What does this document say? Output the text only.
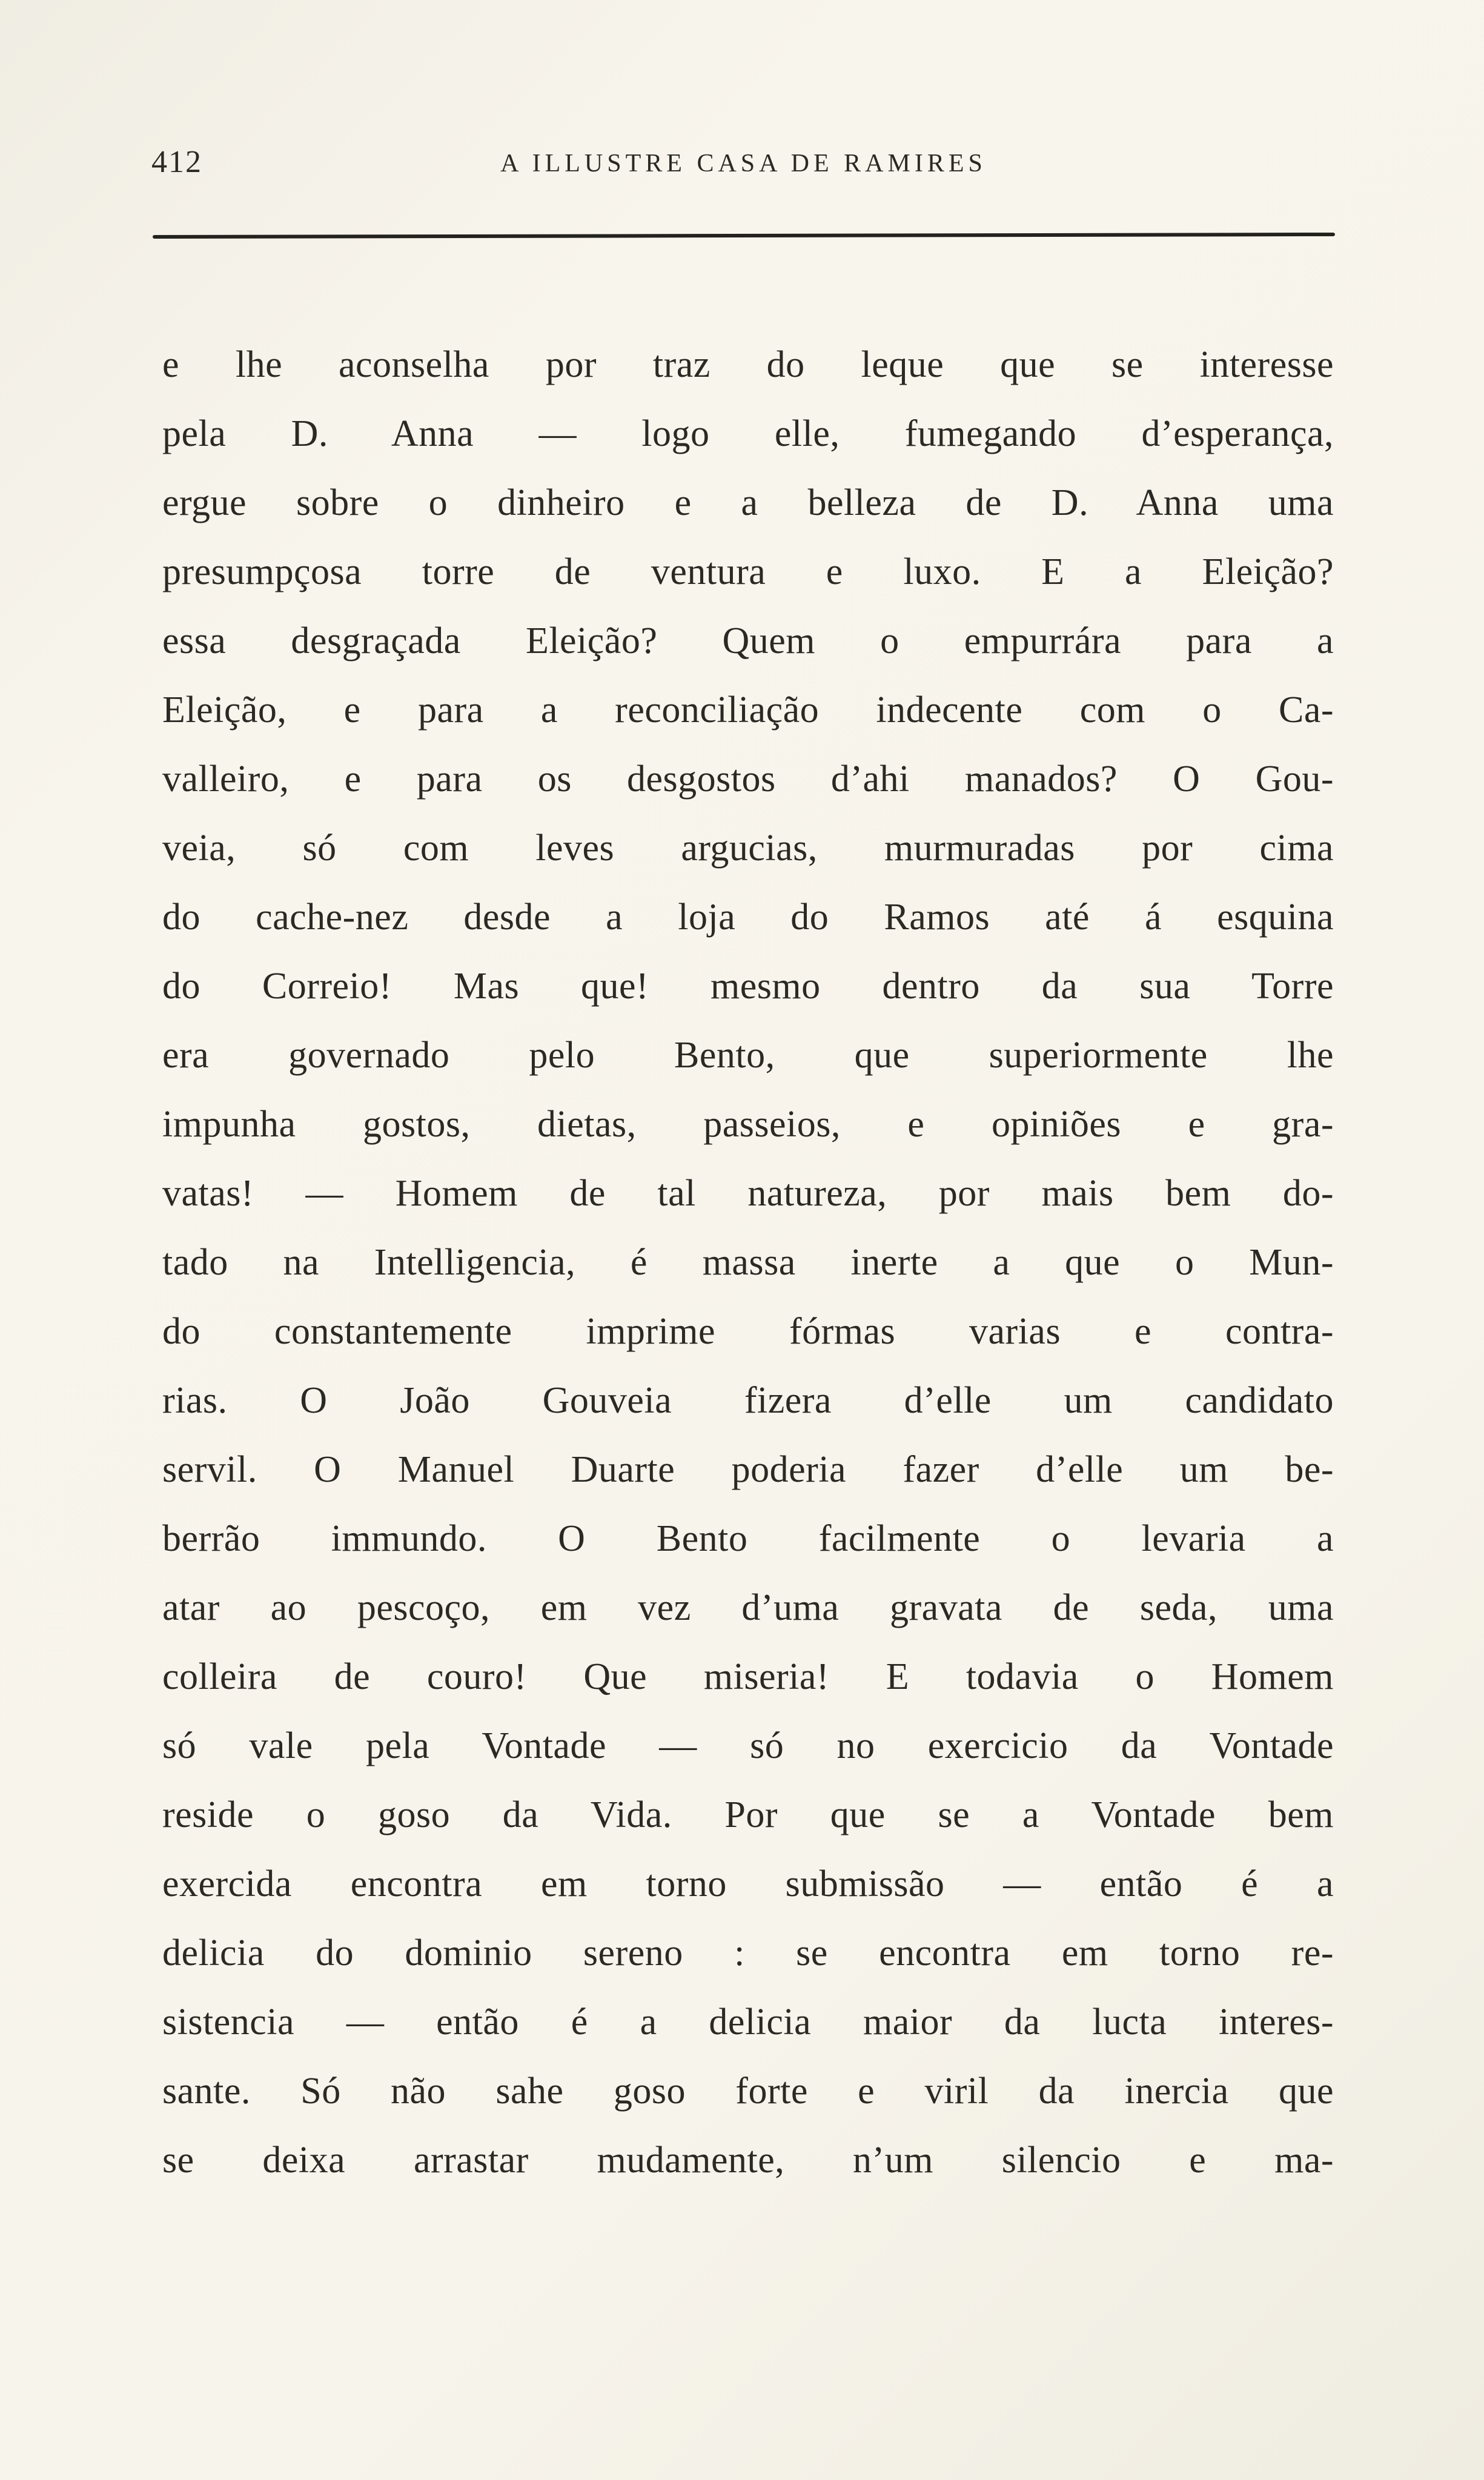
412	A ILLUSTRE CASA DE RAMIRES
e lhe aconselha por traz do leque que se interesse
pela D. Anna — logo elle, fumegando d’esperança,
ergue sobre o dinheiro e a belleza de D. Anna uma
presumpçosa torre de ventura e luxo. E a Eleição?
essa desgraçada Eleição? Quem o empurrára para a
Eleição, e para a reconciliação indecente com o Ca-
valleiro, e para os desgostos d’ahi manados? O Gou-
veia, só com leves argucias, murmuradas por cima
do cache-nez desde a loja do Ramos até á esquina
do Correio! Mas que! mesmo dentro da sua Torre
era governado pelo Bento, que superiormente lhe
impunha gostos, dietas, passeios, e opiniões e gra-
vatas! — Homem de tal natureza, por mais bem do-
tado na Intelligencia, é massa inerte a que o Mun-
do constantemente imprime fórmas varias e contra-
rias. O João Gouveia fizera d’elle um candidato
servil. O Manuel Duarte poderia fazer d’elle um be-
berrão immundo. O Bento facilmente o levaria a
atar ao pescoço, em vez d’uma gravata de seda, uma
colleira de couro! Que miseria! E todavia o Homem
só vale pela Vontade — só no exercicio da Vontade
reside o goso da Vida. Por que se a Vontade bem
exercida encontra em torno submissão — então é a
delicia do dominio sereno : se encontra em torno re-
sistencia — então é a delicia maior da lucta interes-
sante. Só não sahe goso forte e viril da inercia que
se deixa arrastar mudamente, n’um silencio e ma-
